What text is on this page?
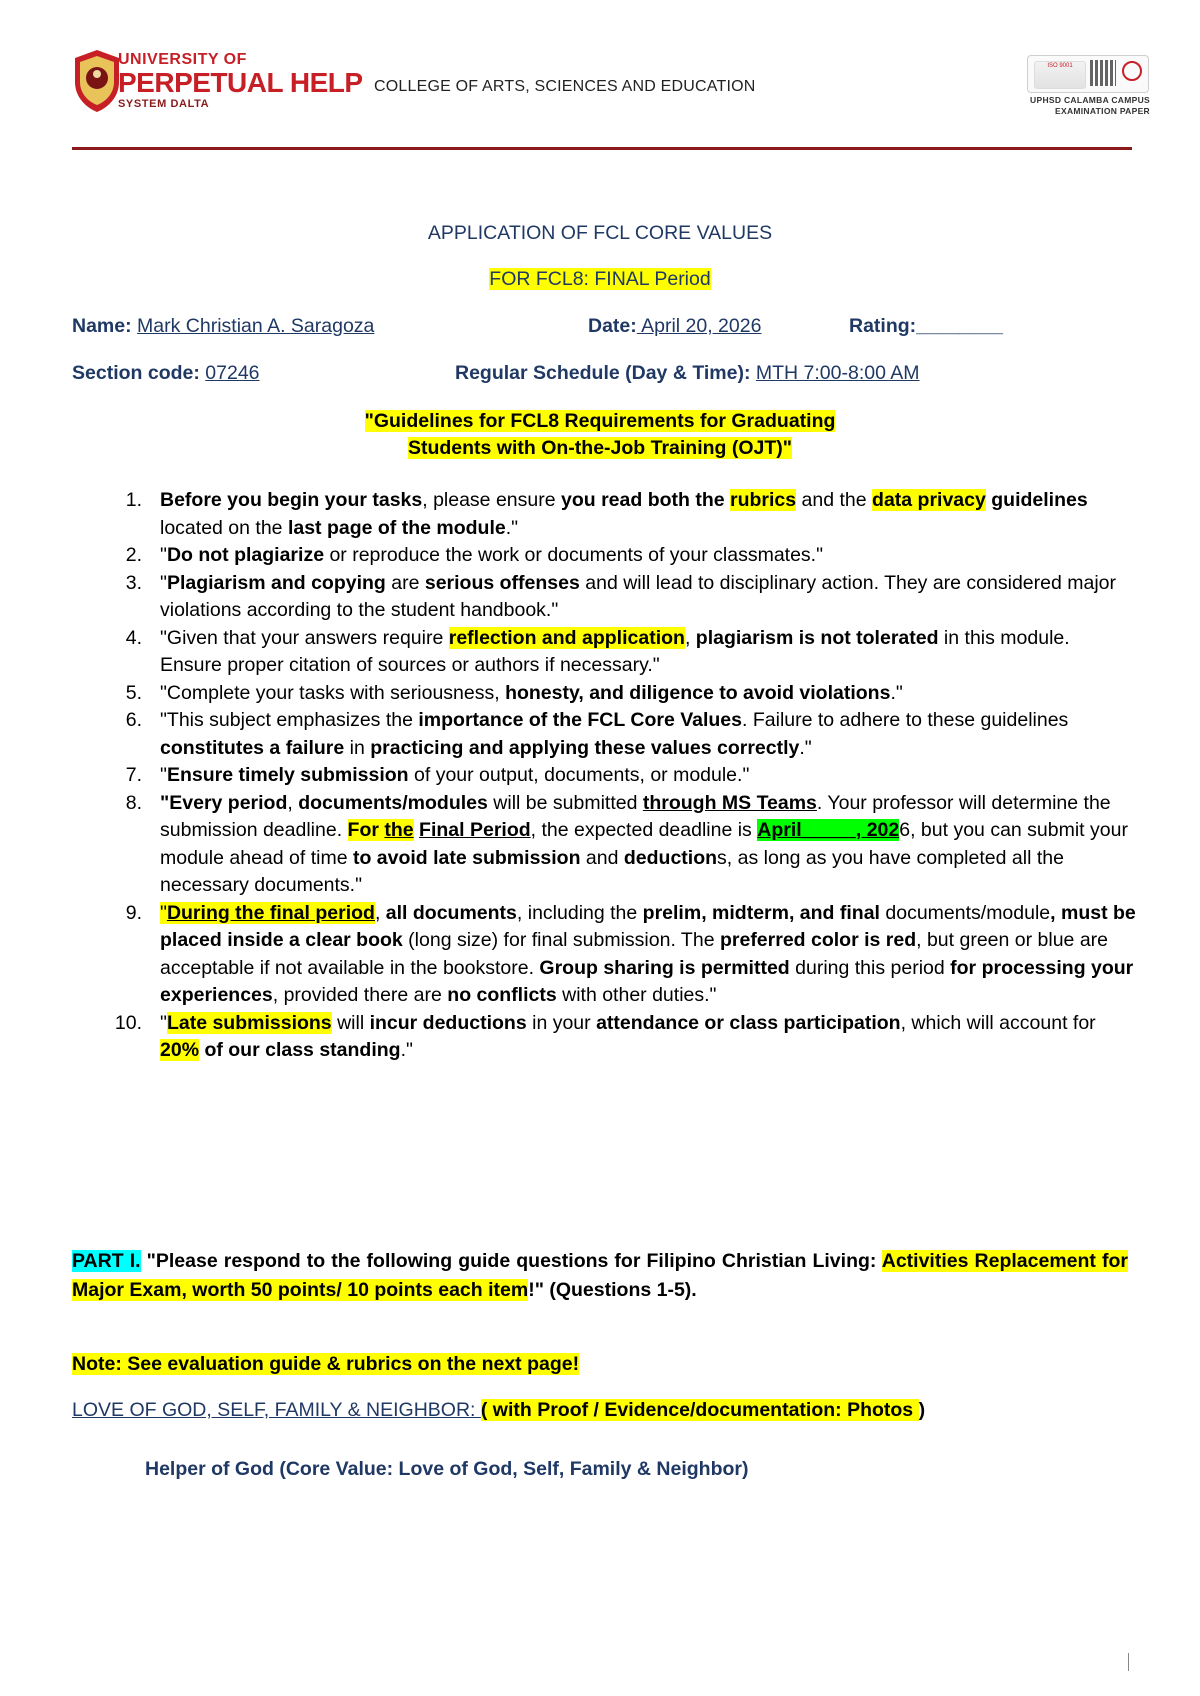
UNIVERSITY OF
PERPETUAL HELP
SYSTEM DALTA
COLLEGE OF ARTS, SCIENCES AND EDUCATION
ISO 9001
UPHSD CALAMBA CAMPUS
EXAMINATION PAPER
APPLICATION OF FCL CORE VALUES
FOR FCL8: FINAL Period
Name: Mark Christian A. Saragoza	Date: April 20, 2026	Rating:________
Section code: 07246	Regular Schedule (Day & Time): MTH 7:00-8:00 AM
"Guidelines for FCL8 Requirements for Graduating
Students with On-the-Job Training (OJT)"
1. Before you begin your tasks, please ensure you read both the rubrics and the data privacy guidelines located on the last page of the module."
2. "Do not plagiarize or reproduce the work or documents of your classmates."
3. "Plagiarism and copying are serious offenses and will lead to disciplinary action. They are considered major violations according to the student handbook."
4. "Given that your answers require reflection and application, plagiarism is not tolerated in this module. Ensure proper citation of sources or authors if necessary."
5. "Complete your tasks with seriousness, honesty, and diligence to avoid violations."
6. "This subject emphasizes the importance of the FCL Core Values. Failure to adhere to these guidelines constitutes a failure in practicing and applying these values correctly."
7. "Ensure timely submission of your output, documents, or module."
8. "Every period, documents/modules will be submitted through MS Teams. Your professor will determine the submission deadline. For the Final Period, the expected deadline is April_____, 2026, but you can submit your module ahead of time to avoid late submission and deductions, as long as you have completed all the necessary documents."
9. "During the final period, all documents, including the prelim, midterm, and final documents/module, must be placed inside a clear book (long size) for final submission. The preferred color is red, but green or blue are acceptable if not available in the bookstore. Group sharing is permitted during this period for processing your experiences, provided there are no conflicts with other duties."
10. "Late submissions will incur deductions in your attendance or class participation, which will account for 20% of our class standing."
PART I. "Please respond to the following guide questions for Filipino Christian Living: Activities Replacement for Major Exam, worth 50 points/ 10 points each item!" (Questions 1-5).
Note: See evaluation guide & rubrics on the next page!
LOVE OF GOD, SELF, FAMILY & NEIGHBOR: ( with Proof / Evidence/documentation: Photos )
Helper of God (Core Value: Love of God, Self, Family & Neighbor)
